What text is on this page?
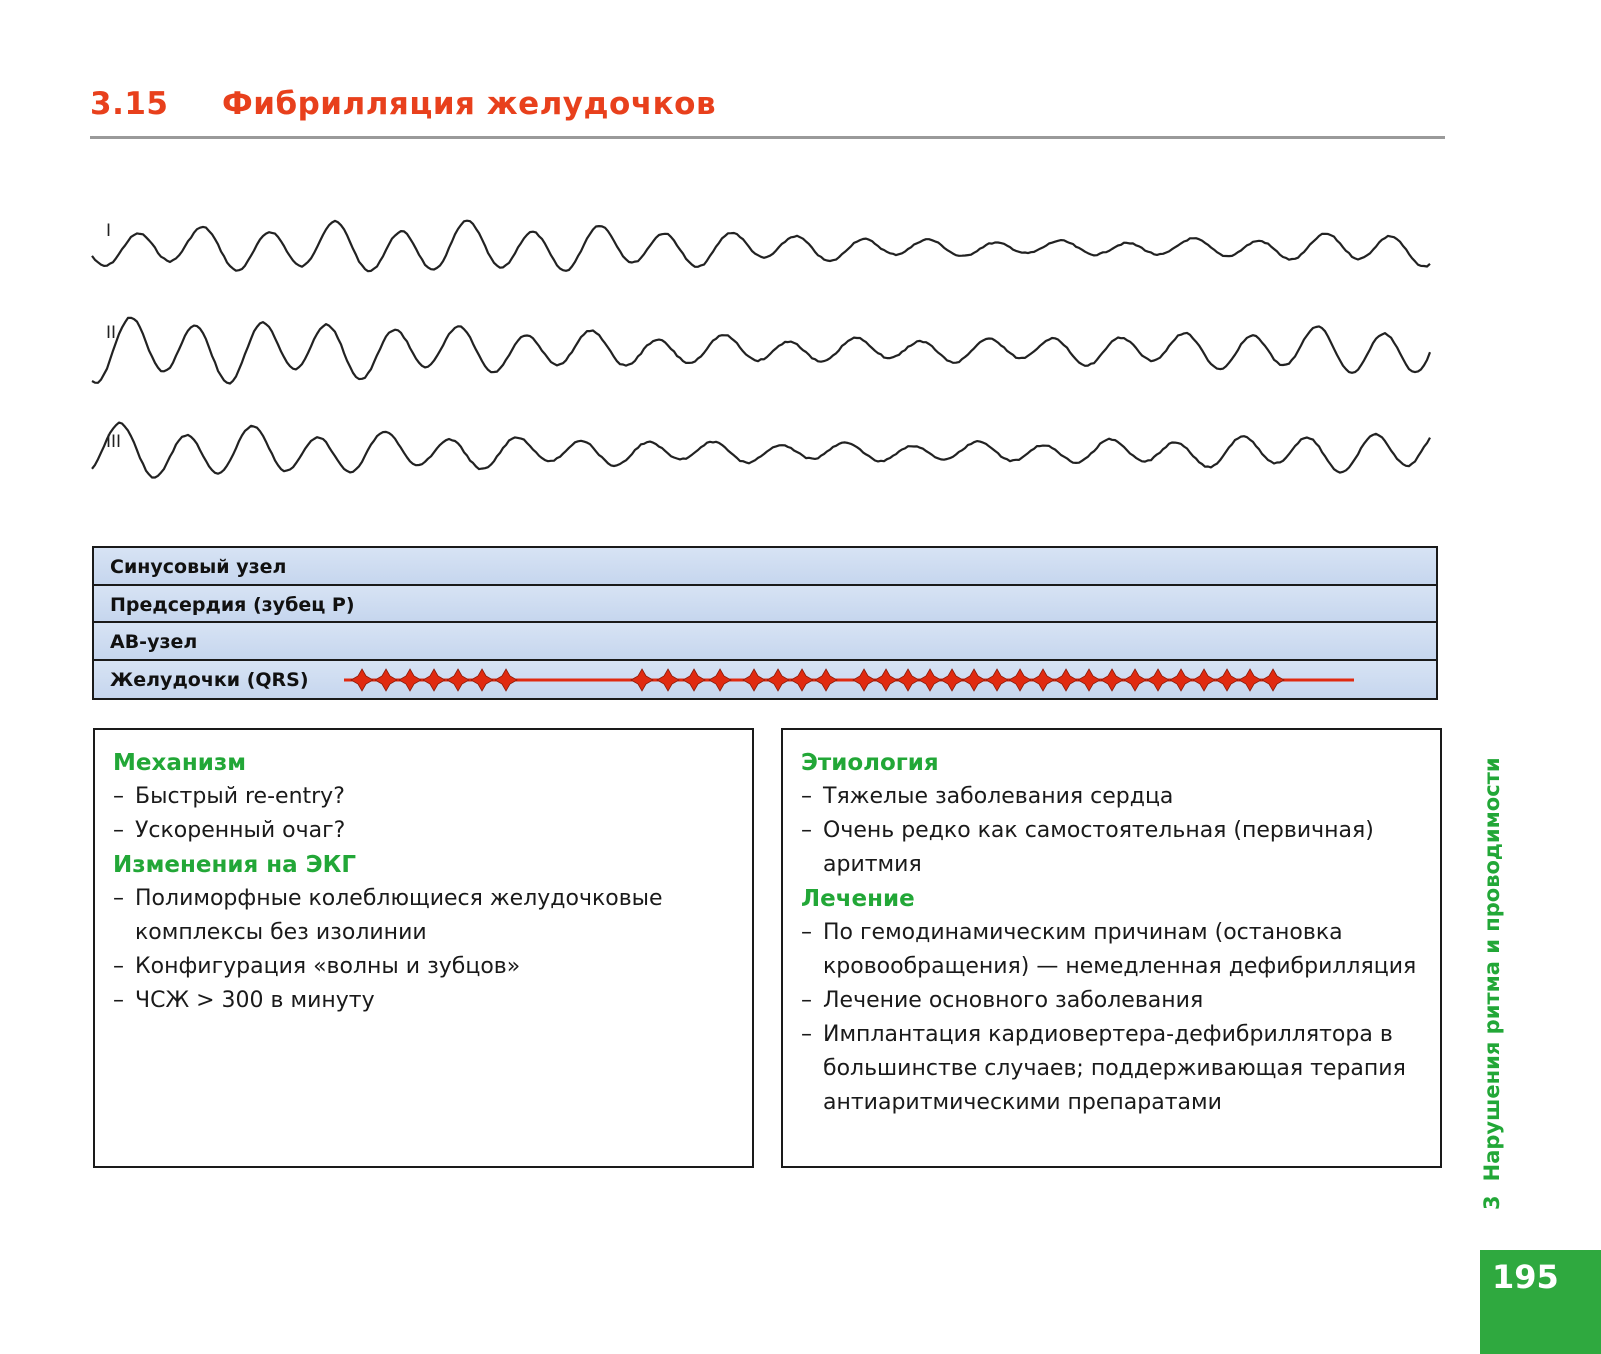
3.15 Фибрилляция желудочков
I
II
III
Синусовый узел
Предсердия (зубец P)
АВ-узел
Желудочки (QRS)

Механизм

– Быстрый re-entry?
– Ускоренный очаг?

Изменения на ЭКГ

– Полиморфные колеблющиеся желудочковые комплексы без изолинии
– Конфигурация «волны и зубцов»
– ЧСЖ > 300 в минуту

Этиология

– Тяжелые заболевания сердца
– Очень редко как самостоятельная (первичная) аритмия

Лечение

– По гемодинамическим причинам (остановка кровообращения) — немедленная дефибрилляция
– Лечение основного заболевания
– Имплантация кардиовертера-дефибриллятора в большинстве случаев; поддерживающая терапия антиаритмическими препаратами
3Нарушения ритма и проводимости
195
